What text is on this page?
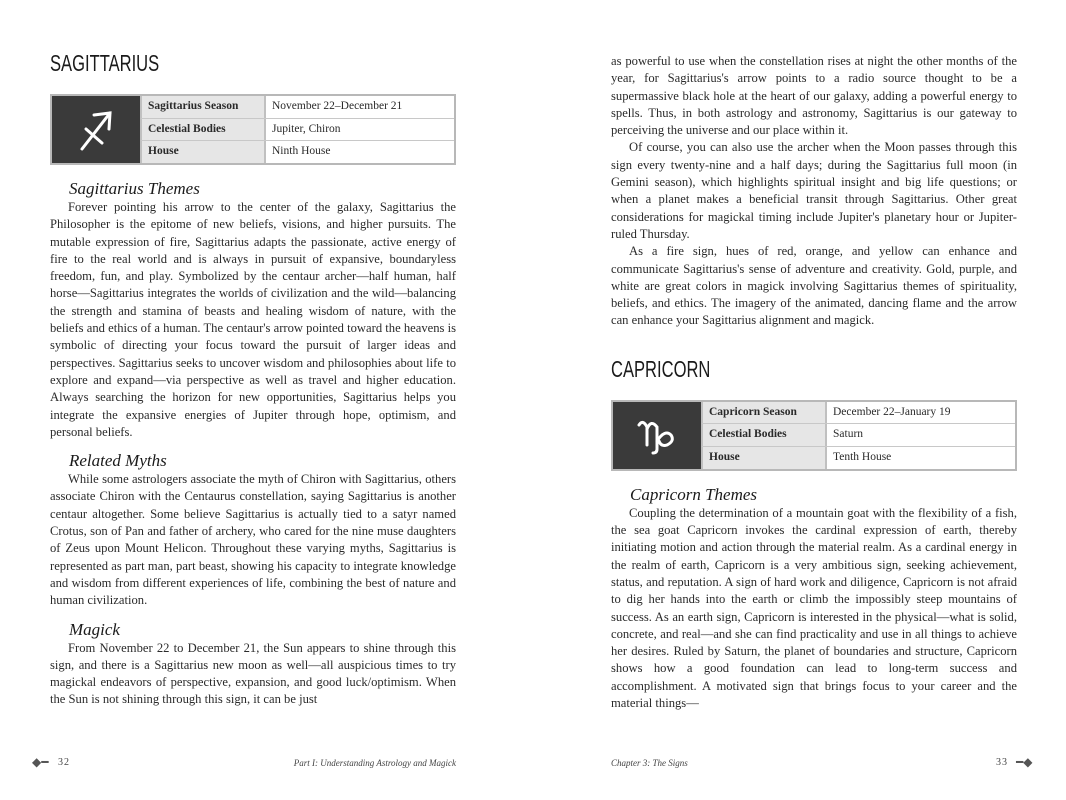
SAGITTARIUS
Sagittarius Season	November 22–December 21
Celestial Bodies	Jupiter, Chiron
House	Ninth House
Sagittarius Themes

Forever pointing his arrow to the center of the galaxy, Sagittarius the Philosopher is the epitome of new beliefs, visions, and higher pursuits. The mutable expression of fire, Sagittarius adapts the passionate, active energy of fire to the real world and is always in pursuit of expansive, boundaryless freedom, fun, and play. Symbolized by the centaur archer—half human, half horse—Sagittarius integrates the worlds of civilization and the wild—balancing the strength and stamina of beasts and healing wisdom of nature, with the beliefs and ethics of a human. The centaur's arrow pointed toward the heavens is symbolic of directing your focus toward the pursuit of larger ideas and perspectives. Sagittarius seeks to uncover wisdom and philosophies about life to explore and expand—via perspective as well as travel and higher education. Always searching the horizon for new opportunities, Sagittarius helps you integrate the expansive energies of Jupiter through hope, optimism, and personal beliefs.

Related Myths

While some astrologers associate the myth of Chiron with Sagittarius, others associate Chiron with the Centaurus constellation, saying Sagittarius is another centaur altogether. Some believe Sagittarius is actually tied to a satyr named Crotus, son of Pan and father of archery, who cared for the nine muse daughters of Zeus upon Mount Helicon. Throughout these varying myths, Sagittarius is represented as part man, part beast, showing his capacity to integrate knowledge and wisdom from different experiences of life, combining the best of nature and human civilization.

Magick

From November 22 to December 21, the Sun appears to shine through this sign, and there is a Sagittarius new moon as well—all auspicious times to try magickal endeavors of perspective, expansion, and good luck/optimism. When the Sun is not shining through this sign, it can be just

as powerful to use when the constellation rises at night the other months of the year, for Sagittarius's arrow points to a radio source thought to be a supermassive black hole at the heart of our galaxy, adding a powerful energy to spells. Thus, in both astrology and astronomy, Sagittarius is our gateway to perceiving the universe and our place within it.

Of course, you can also use the archer when the Moon passes through this sign every twenty-nine and a half days; during the Sagittarius full moon (in Gemini season), which highlights spiritual insight and big life questions; or when a planet makes a beneficial transit through Sagittarius. Other great considerations for magickal timing include Jupiter's planetary hour or Jupiter-ruled Thursday.

As a fire sign, hues of red, orange, and yellow can enhance and communicate Sagittarius's sense of adventure and creativity. Gold, purple, and white are great colors in magick involving Sagittarius themes of spirituality, beliefs, and ethics. The imagery of the animated, dancing flame and the arrow can enhance your Sagittarius alignment and magick.

CAPRICORN
Capricorn Season	December 22–January 19
Celestial Bodies	Saturn
House	Tenth House
Capricorn Themes

Coupling the determination of a mountain goat with the flexibility of a fish, the sea goat Capricorn invokes the cardinal expression of earth, thereby initiating motion and action through the material realm. As a cardinal energy in the realm of earth, Capricorn is a very ambitious sign, seeking achievement, status, and reputation. A sign of hard work and diligence, Capricorn is not afraid to dig her hands into the earth or climb the impossibly steep mountains of success. As an earth sign, Capricorn is interested in the physical—what is solid, concrete, and real—and she can find practicality and use in all things to achieve her desires. Ruled by Saturn, the planet of boundaries and structure, Capricorn shows how a good foundation can lead to long-term success and accomplishment. A motivated sign that brings focus to your career and the material things—

◆━ 32	Part I: Understanding Astrology and Magick	Chapter 3: The Signs	33 ━◆
